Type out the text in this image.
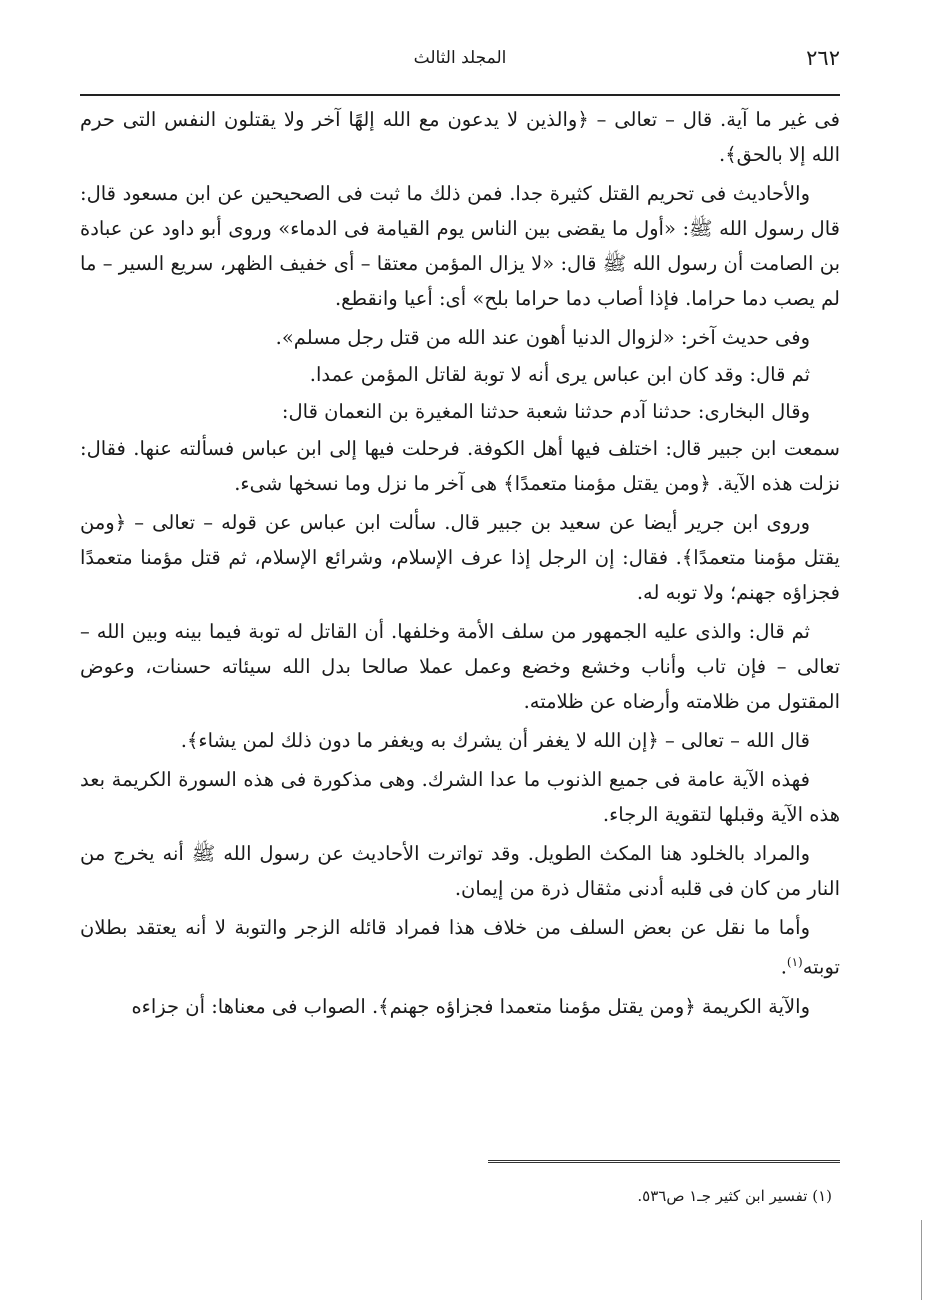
٢٦٢
المجلد الثالث

فى غير ما آية. قال – تعالى – ﴿والذين لا يدعون مع الله إلهًا آخر ولا يقتلون النفس التى حرم الله إلا بالحق﴾.

والأحاديث فى تحريم القتل كثيرة جدا. فمن ذلك ما ثبت فى الصحيحين عن ابن مسعود قال: قال رسول الله ﷺ: «أول ما يقضى بين الناس يوم القيامة فى الدماء» وروى أبو داود عن عبادة بن الصامت أن رسول الله ﷺ قال: «لا يزال المؤمن معتقا – أى خفيف الظهر، سريع السير – ما لم يصب دما حراما. فإذا أصاب دما حراما بلح» أى: أعيا وانقطع.

وفى حديث آخر: «لزوال الدنيا أهون عند الله من قتل رجل مسلم».

ثم قال: وقد كان ابن عباس يرى أنه لا توبة لقاتل المؤمن عمدا.

وقال البخارى: حدثنا آدم حدثنا شعبة حدثنا المغيرة بن النعمان قال:

سمعت ابن جبير قال: اختلف فيها أهل الكوفة. فرحلت فيها إلى ابن عباس فسألته عنها. فقال: نزلت هذه الآية. ﴿ومن يقتل مؤمنا متعمدًا﴾ هى آخر ما نزل وما نسخها شىء.

وروى ابن جرير أيضا عن سعيد بن جبير قال. سألت ابن عباس عن قوله – تعالى – ﴿ومن يقتل مؤمنا متعمدًا﴾. فقال: إن الرجل إذا عرف الإسلام، وشرائع الإسلام، ثم قتل مؤمنا متعمدًا فجزاؤه جهنم؛ ولا توبه له.

ثم قال: والذى عليه الجمهور من سلف الأمة وخلفها. أن القاتل له توبة فيما بينه وبين الله – تعالى – فإن تاب وأناب وخشع وخضع وعمل عملا صالحا بدل الله سيئاته حسنات، وعوض المقتول من ظلامته وأرضاه عن ظلامته.

قال الله – تعالى – ﴿إن الله لا يغفر أن يشرك به ويغفر ما دون ذلك لمن يشاء﴾.

فهذه الآية عامة فى جميع الذنوب ما عدا الشرك. وهى مذكورة فى هذه السورة الكريمة بعد هذه الآية وقبلها لتقوية الرجاء.

والمراد بالخلود هنا المكث الطويل. وقد تواترت الأحاديث عن رسول الله ﷺ أنه يخرج من النار من كان فى قلبه أدنى مثقال ذرة من إيمان.

وأما ما نقل عن بعض السلف من خلاف هذا فمراد قائله الزجر والتوبة لا أنه يعتقد بطلان توبته$^{(١)}$.

والآية الكريمة ﴿ومن يقتل مؤمنا متعمدا فجزاؤه جهنم﴾. الصواب فى معناها: أن جزاءه

(١) تفسير ابن كثير جـ١ ص٥٣٦.
